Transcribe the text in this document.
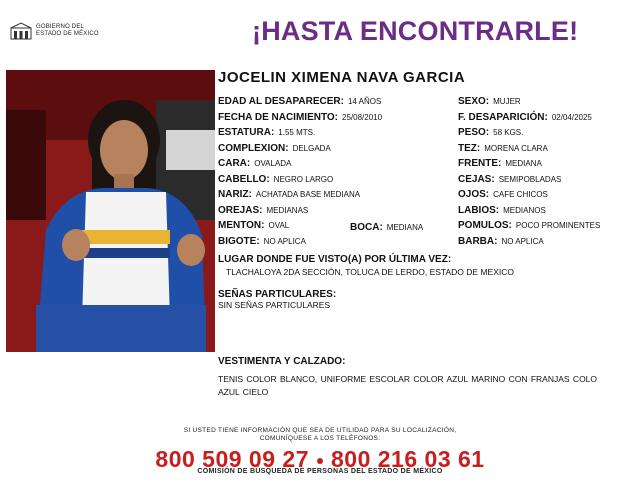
GOBIERNO DEL
ESTADO DE MÉXICO	¡HASTA ENCONTRARLE!
JOCELIN XIMENA NAVA GARCIA
EDAD AL DESAPARECER: 14 AÑOS	SEXO: MUJER
FECHA DE NACIMIENTO: 25/08/2010	F. DESAPARICIÓN: 02/04/2025
ESTATURA: 1.55 MTS.	PESO: 58 KGS.
COMPLEXION: DELGADA	TEZ: MORENA CLARA
CARA: OVALADA	FRENTE: MEDIANA
CABELLO: NEGRO LARGO	CEJAS: SEMIPOBLADAS
NARIZ: ACHATADA BASE MEDIANA	OJOS: CAFE CHICOS
OREJAS: MEDIANAS	LABIOS: MEDIANOS
MENTON: OVAL	BOCA: MEDIANA	POMULOS: POCO PROMINENTES
BIGOTE: NO APLICA	BARBA: NO APLICA
LUGAR DONDE FUE VISTO(A) POR ÚLTIMA VEZ:
TLACHALOYA 2DA SECCIÓN, TOLUCA DE LERDO, ESTADO DE MEXICO
SEÑAS PARTICULARES:
SIN SEÑAS PARTICULARES
VESTIMENTA Y CALZADO:
TENIS COLOR BLANCO, UNIFORME ESCOLAR COLOR AZUL MARINO CON FRANJAS COLO AZUL CIELO
SI USTED TIENE INFORMACIÓN QUE SEA DE UTILIDAD PARA SU LOCALIZACIÓN,
COMUNÍQUESE A LOS TELÉFONOS:
800 509 09 27 800 216 03 61
COMISIÓN DE BÚSQUEDA DE PERSONAS DEL ESTADO DE MÉXICO
